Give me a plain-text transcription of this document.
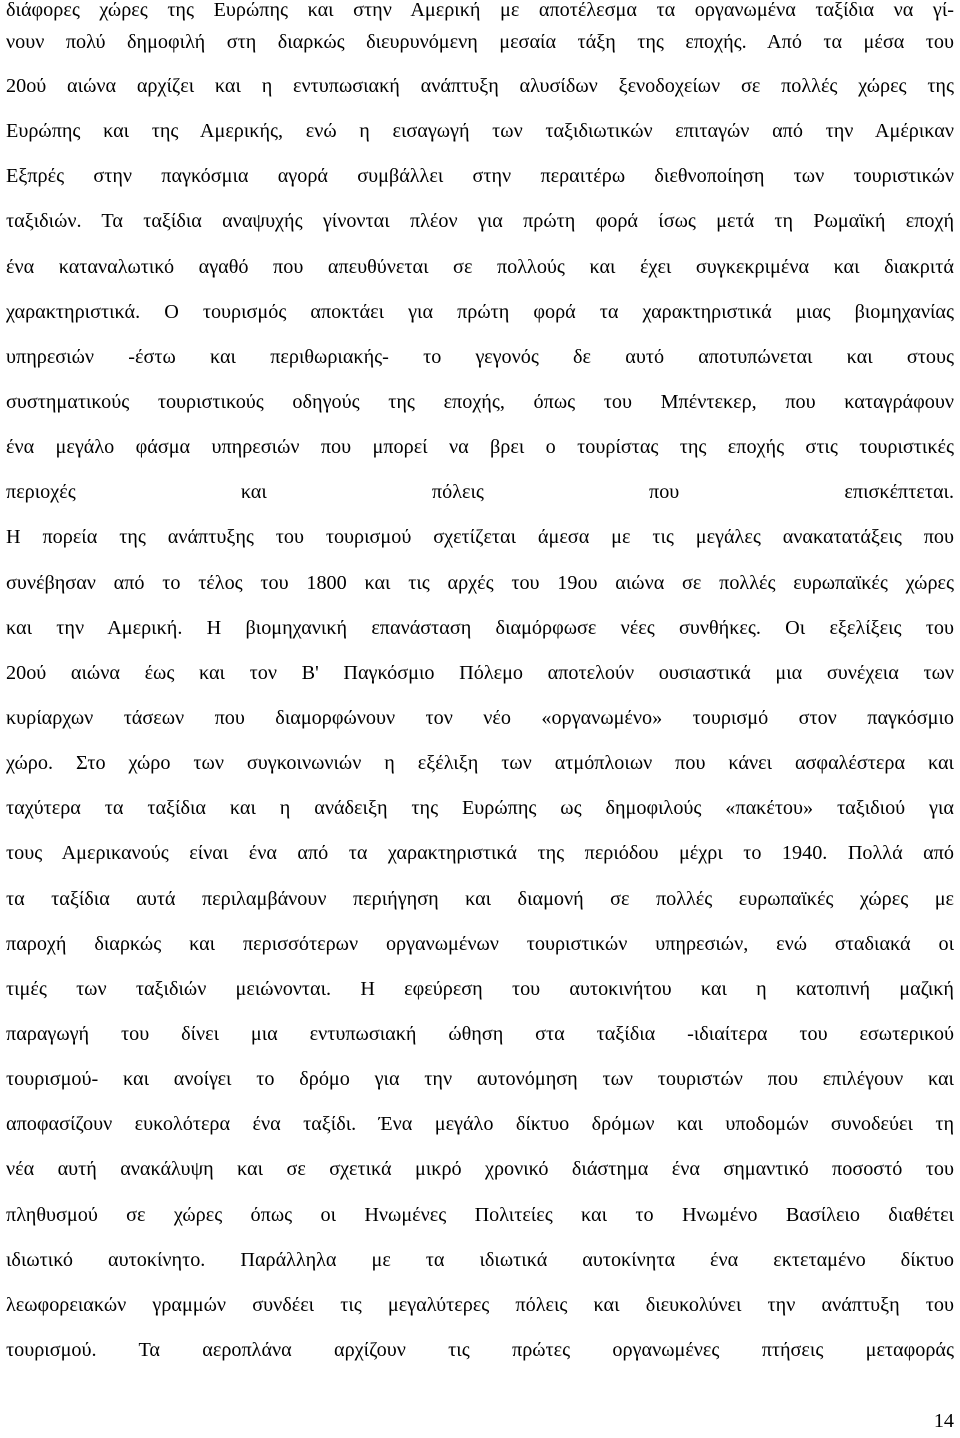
διάφορες χώρες της Ευρώπης και στην Αμερική με αποτέλεσμα τα οργανωμένα ταξίδια να γί-
νουν πολύ δημοφιλή στη διαρκώς διευρυνόμενη μεσαία τάξη της εποχής. Από τα μέσα του
20ού αιώνα αρχίζει και η εντυπωσιακή ανάπτυξη αλυσίδων ξενοδοχείων σε πολλές χώρες της
Ευρώπης και της Αμερικής, ενώ η εισαγωγή των ταξιδιωτικών επιταγών από την Αμέρικαν
Εξπρές στην παγκόσμια αγορά συμβάλλει στην περαιτέρω διεθνοποίηση των τουριστικών
ταξιδιών. Τα ταξίδια αναψυχής γίνονται πλέον για πρώτη φορά ίσως μετά τη Ρωμαϊκή εποχή
ένα καταναλωτικό αγαθό που απευθύνεται σε πολλούς και έχει συγκεκριμένα και διακριτά
χαρακτηριστικά. Ο τουρισμός αποκτάει για πρώτη φορά τα χαρακτηριστικά μιας βιομηχανίας
υπηρεσιών -έστω και περιθωριακής- το γεγονός δε αυτό αποτυπώνεται και στους
συστηματικούς τουριστικούς οδηγούς της εποχής, όπως του Μπέντεκερ, που καταγράφουν
ένα μεγάλο φάσμα υπηρεσιών που μπορεί να βρει ο τουρίστας της εποχής στις τουριστικές
περιοχές και πόλεις που επισκέπτεται.
Η πορεία της ανάπτυξης του τουρισμού σχετίζεται άμεσα με τις μεγάλες ανακατατάξεις που
συνέβησαν από το τέλος του 1800 και τις αρχές του 19ου αιώνα σε πολλές ευρωπαϊκές χώρες
και την Αμερική. Η βιομηχανική επανάσταση διαμόρφωσε νέες συνθήκες. Οι εξελίξεις του
20ού αιώνα έως και τον Β' Παγκόσμιο Πόλεμο αποτελούν ουσιαστικά μια συνέχεια των
κυρίαρχων τάσεων που διαμορφώνουν τον νέο «οργανωμένο» τουρισμό στον παγκόσμιο
χώρο. Στο χώρο των συγκοινωνιών η εξέλιξη των ατμόπλοιων που κάνει ασφαλέστερα και
ταχύτερα τα ταξίδια και η ανάδειξη της Ευρώπης ως δημοφιλούς «πακέτου» ταξιδιού για
τους Αμερικανούς είναι ένα από τα χαρακτηριστικά της περιόδου μέχρι το 1940. Πολλά από
τα ταξίδια αυτά περιλαμβάνουν περιήγηση και διαμονή σε πολλές ευρωπαϊκές χώρες με
παροχή διαρκώς και περισσότερων οργανωμένων τουριστικών υπηρεσιών, ενώ σταδιακά οι
τιμές των ταξιδιών μειώνονται. Η εφεύρεση του αυτοκινήτου και η κατοπινή μαζική
παραγωγή του δίνει μια εντυπωσιακή ώθηση στα ταξίδια -ιδιαίτερα του εσωτερικού
τουρισμού- και ανοίγει το δρόμο για την αυτονόμηση των τουριστών που επιλέγουν και
αποφασίζουν ευκολότερα ένα ταξίδι. Ένα μεγάλο δίκτυο δρόμων και υποδομών συνοδεύει τη
νέα αυτή ανακάλυψη και σε σχετικά μικρό χρονικό διάστημα ένα σημαντικό ποσοστό του
πληθυσμού σε χώρες όπως οι Ηνωμένες Πολιτείες και το Ηνωμένο Βασίλειο διαθέτει
ιδιωτικό αυτοκίνητο. Παράλληλα με τα ιδιωτικά αυτοκίνητα ένα εκτεταμένο δίκτυο
λεωφορειακών γραμμών συνδέει τις μεγαλύτερες πόλεις και διευκολύνει την ανάπτυξη του
τουρισμού. Τα αεροπλάνα αρχίζουν τις πρώτες οργανωμένες πτήσεις μεταφοράς
14
